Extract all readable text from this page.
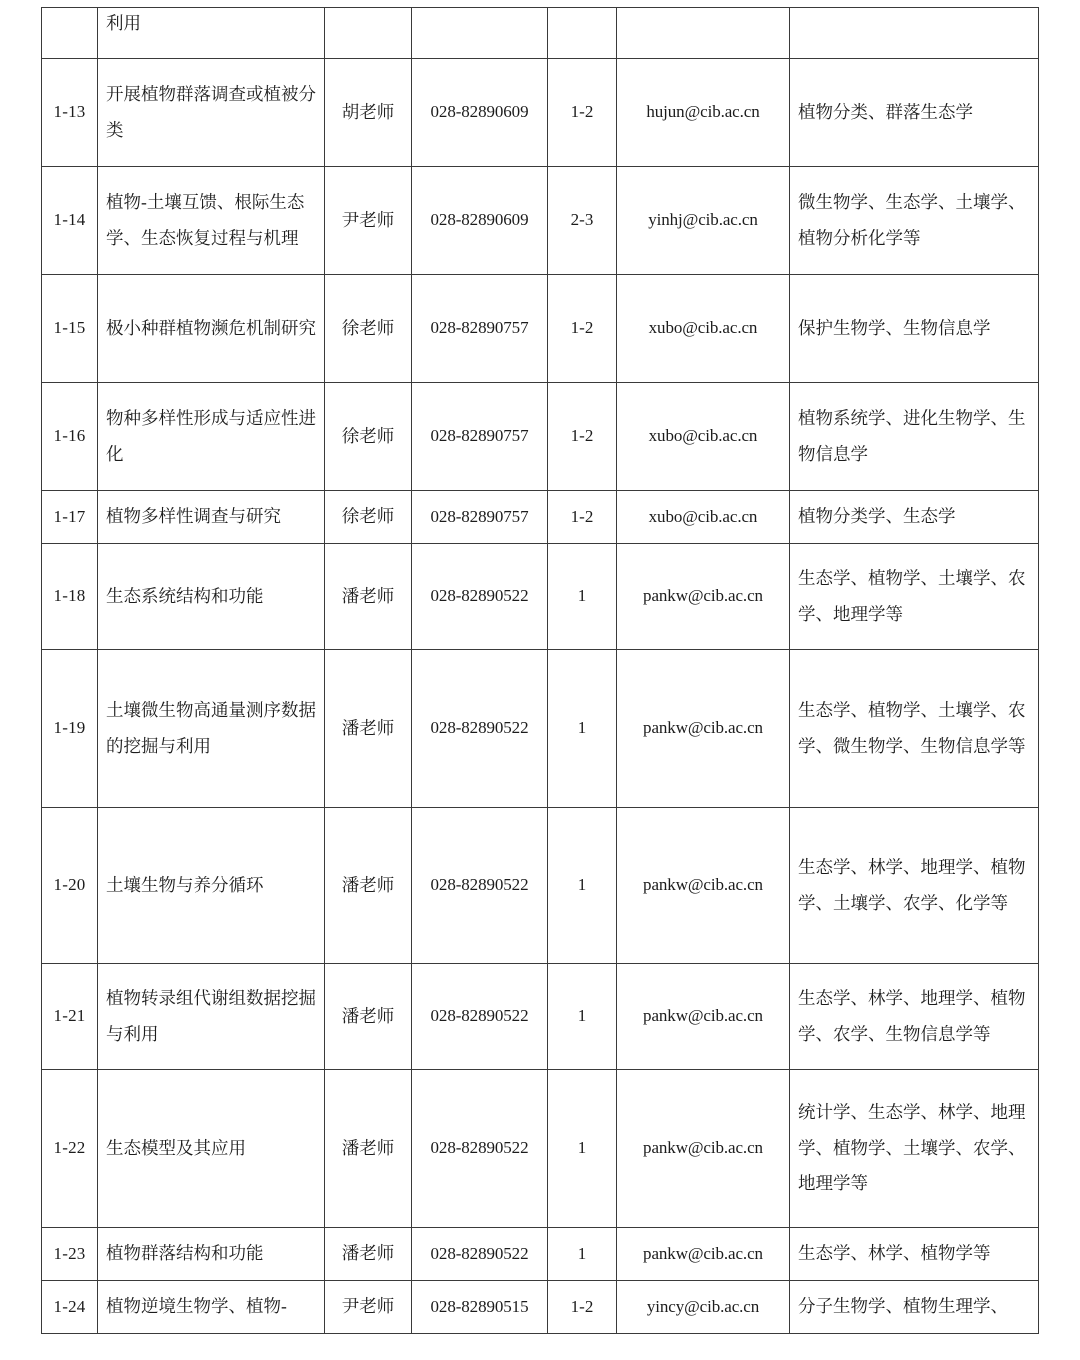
	利用					
1-13	开展植物群落调查或植被分类	胡老师	028-82890609	1-2	hujun@cib.ac.cn	植物分类、群落生态学
1-14	植物-土壤互馈、根际生态学、生态恢复过程与机理	尹老师	028-82890609	2-3	yinhj@cib.ac.cn	微生物学、生态学、土壤学、植物分析化学等
1-15	极小种群植物濒危机制研究	徐老师	028-82890757	1-2	xubo@cib.ac.cn	保护生物学、生物信息学
1-16	物种多样性形成与适应性进化	徐老师	028-82890757	1-2	xubo@cib.ac.cn	植物系统学、进化生物学、生物信息学
1-17	植物多样性调查与研究	徐老师	028-82890757	1-2	xubo@cib.ac.cn	植物分类学、生态学
1-18	生态系统结构和功能	潘老师	028-82890522	1	pankw@cib.ac.cn	生态学、植物学、土壤学、农学、地理学等
1-19	土壤微生物高通量测序数据的挖掘与利用	潘老师	028-82890522	1	pankw@cib.ac.cn	生态学、植物学、土壤学、农学、微生物学、生物信息学等
1-20	土壤生物与养分循环	潘老师	028-82890522	1	pankw@cib.ac.cn	生态学、林学、地理学、植物学、土壤学、农学、化学等
1-21	植物转录组代谢组数据挖掘与利用	潘老师	028-82890522	1	pankw@cib.ac.cn	生态学、林学、地理学、植物学、农学、生物信息学等
1-22	生态模型及其应用	潘老师	028-82890522	1	pankw@cib.ac.cn	统计学、生态学、林学、地理学、植物学、土壤学、农学、地理学等
1-23	植物群落结构和功能	潘老师	028-82890522	1	pankw@cib.ac.cn	生态学、林学、植物学等
1-24	植物逆境生物学、植物-	尹老师	028-82890515	1-2	yincy@cib.ac.cn	分子生物学、植物生理学、
